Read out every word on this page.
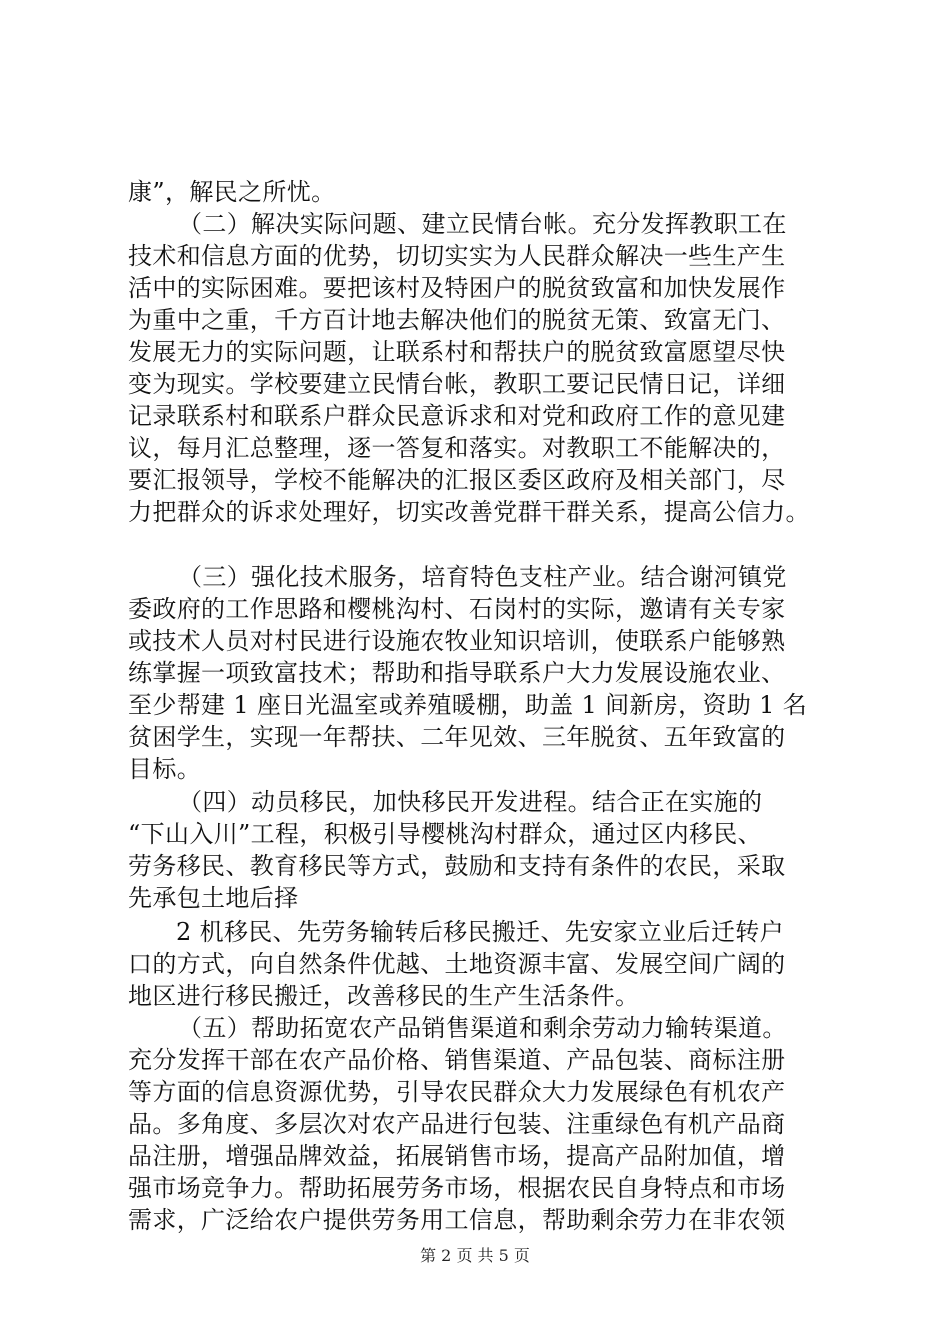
康”，解民之所忧。
（二）解决实际问题、建立民情台帐。充分发挥教职工在
技术和信息方面的优势，切切实实为人民群众解决一些生产生
活中的实际困难。要把该村及特困户的脱贫致富和加快发展作
为重中之重，千方百计地去解决他们的脱贫无策、致富无门、
发展无力的实际问题，让联系村和帮扶户的脱贫致富愿望尽快
变为现实。学校要建立民情台帐，教职工要记民情日记，详细
记录联系村和联系户群众民意诉求和对党和政府工作的意见建
议，每月汇总整理，逐一答复和落实。对教职工不能解决的，
要汇报领导，学校不能解决的汇报区委区政府及相关部门，尽
力把群众的诉求处理好，切实改善党群干群关系，提高公信力。
（三）强化技术服务，培育特色支柱产业。结合谢河镇党
委政府的工作思路和樱桃沟村、石岗村的实际，邀请有关专家
或技术人员对村民进行设施农牧业知识培训，使联系户能够熟
练掌握一项致富技术；帮助和指导联系户大力发展设施农业、
至少帮建 1 座日光温室或养殖暖棚，助盖 1 间新房，资助 1 名
贫困学生，实现一年帮扶、二年见效、三年脱贫、五年致富的
目标。
（四）动员移民，加快移民开发进程。结合正在实施的
“下山入川”工程，积极引导樱桃沟村群众，通过区内移民、
劳务移民、教育移民等方式，鼓励和支持有条件的农民，采取
先承包土地后择
2 机移民、先劳务输转后移民搬迁、先安家立业后迁转户
口的方式，向自然条件优越、土地资源丰富、发展空间广阔的
地区进行移民搬迁，改善移民的生产生活条件。
（五）帮助拓宽农产品销售渠道和剩余劳动力输转渠道。
充分发挥干部在农产品价格、销售渠道、产品包装、商标注册
等方面的信息资源优势，引导农民群众大力发展绿色有机农产
品。多角度、多层次对农产品进行包装、注重绿色有机产品商
品注册，增强品牌效益，拓展销售市场，提高产品附加值，增
强市场竞争力。帮助拓展劳务市场，根据农民自身特点和市场
需求，广泛给农户提供劳务用工信息，帮助剩余劳力在非农领
第 2 页 共 5 页
